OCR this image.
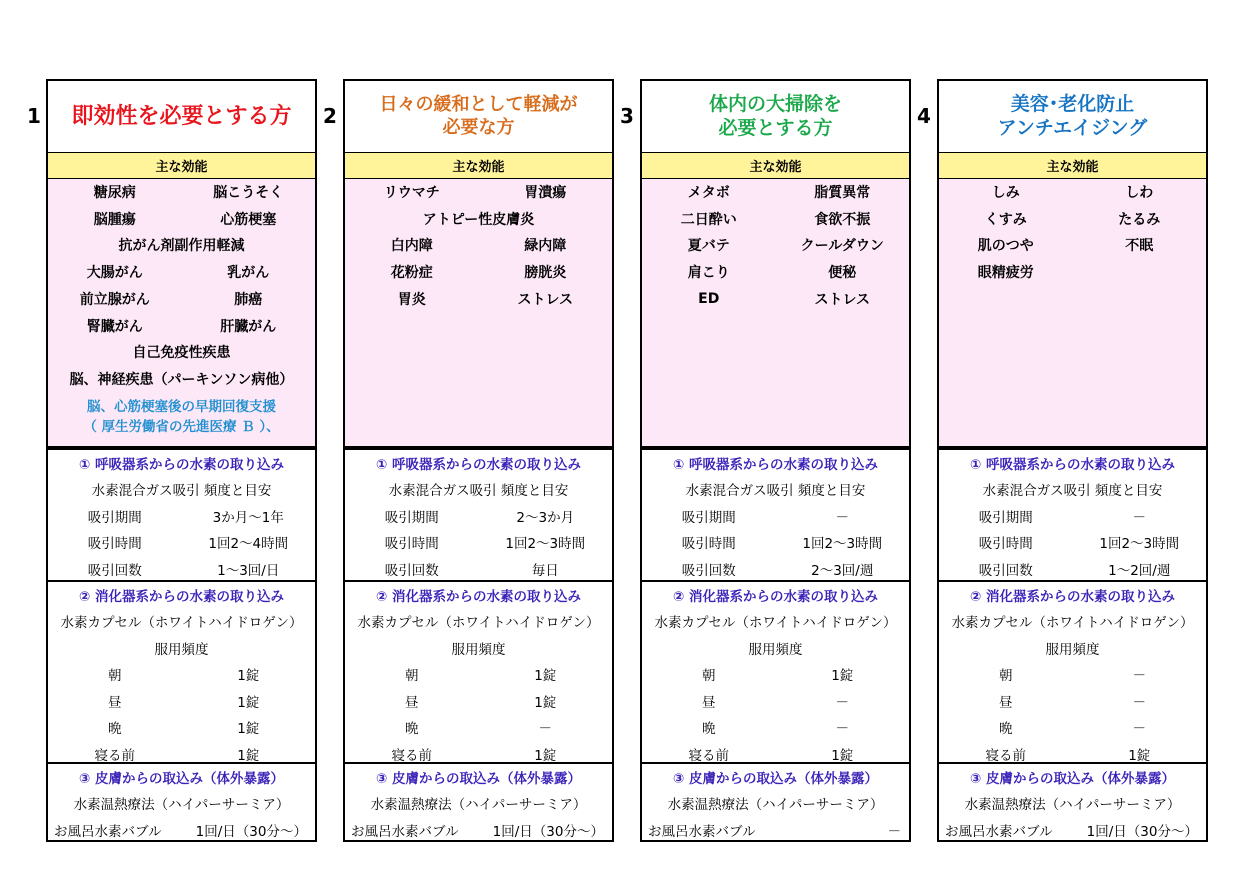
1	即効性を必要とする方
主な効能
糖尿病	脳こうそく
脳腫瘍	心筋梗塞
抗がん剤副作用軽減
大腸がん	乳がん
前立腺がん	肺癌
腎臓がん	肝臓がん
自己免疫性疾患
脳、神経疾患（パーキンソン病他）
脳、心筋梗塞後の早期回復支援
（ 厚生労働省の先進医療 Ｂ ）、
① 呼吸器系からの水素の取り込み
水素混合ガス吸引 頻度と目安
吸引期間	3か月～1年
吸引時間	1回2～4時間
吸引回数	1～3回/日
② 消化器系からの水素の取り込み
水素カプセル（ホワイトハイドロゲン）
服用頻度
朝	1錠
昼	1錠
晩	1錠
寝る前	1錠
③ 皮膚からの取込み（体外暴露）
水素温熱療法（ハイパーサーミア）
お風呂水素バブル	1回/日（30分～）
2	日々の緩和として軽減が
必要な方
主な効能
リウマチ	胃潰瘍
アトピー性皮膚炎
白内障	緑内障
花粉症	膀胱炎
胃炎	ストレス
① 呼吸器系からの水素の取り込み
水素混合ガス吸引 頻度と目安
吸引期間	2～3か月
吸引時間	1回2～3時間
吸引回数	毎日
② 消化器系からの水素の取り込み
水素カプセル（ホワイトハイドロゲン）
服用頻度
朝	1錠
昼	1錠
晩	－
寝る前	1錠
③ 皮膚からの取込み（体外暴露）
水素温熱療法（ハイパーサーミア）
お風呂水素バブル	1回/日（30分～）
3
体内の大掃除を
必要とする方
主な効能
メタボ	脂質異常
二日酔い	食欲不振
夏バテ	クールダウン
肩こり	便秘
ED	ストレス
① 呼吸器系からの水素の取り込み
水素混合ガス吸引 頻度と目安
吸引期間	－
吸引時間	1回2～3時間
吸引回数	2～3回/週
② 消化器系からの水素の取り込み
水素カプセル（ホワイトハイドロゲン）
服用頻度
朝	1錠
昼	－
晩	－
寝る前	1錠
③ 皮膚からの取込み（体外暴露）
水素温熱療法（ハイパーサーミア）
お風呂水素バブル	－
4
美容･老化防止
アンチエイジング
主な効能
しみ	しわ
くすみ	たるみ
肌のつや	不眠
眼精疲労
① 呼吸器系からの水素の取り込み
水素混合ガス吸引 頻度と目安
吸引期間	－
吸引時間	1回2～3時間
吸引回数	1～2回/週
② 消化器系からの水素の取り込み
水素カプセル（ホワイトハイドロゲン）
服用頻度
朝	－
昼	－
晩	－
寝る前	1錠
③ 皮膚からの取込み（体外暴露）
水素温熱療法（ハイパーサーミア）
お風呂水素バブル	1回/日（30分～）
